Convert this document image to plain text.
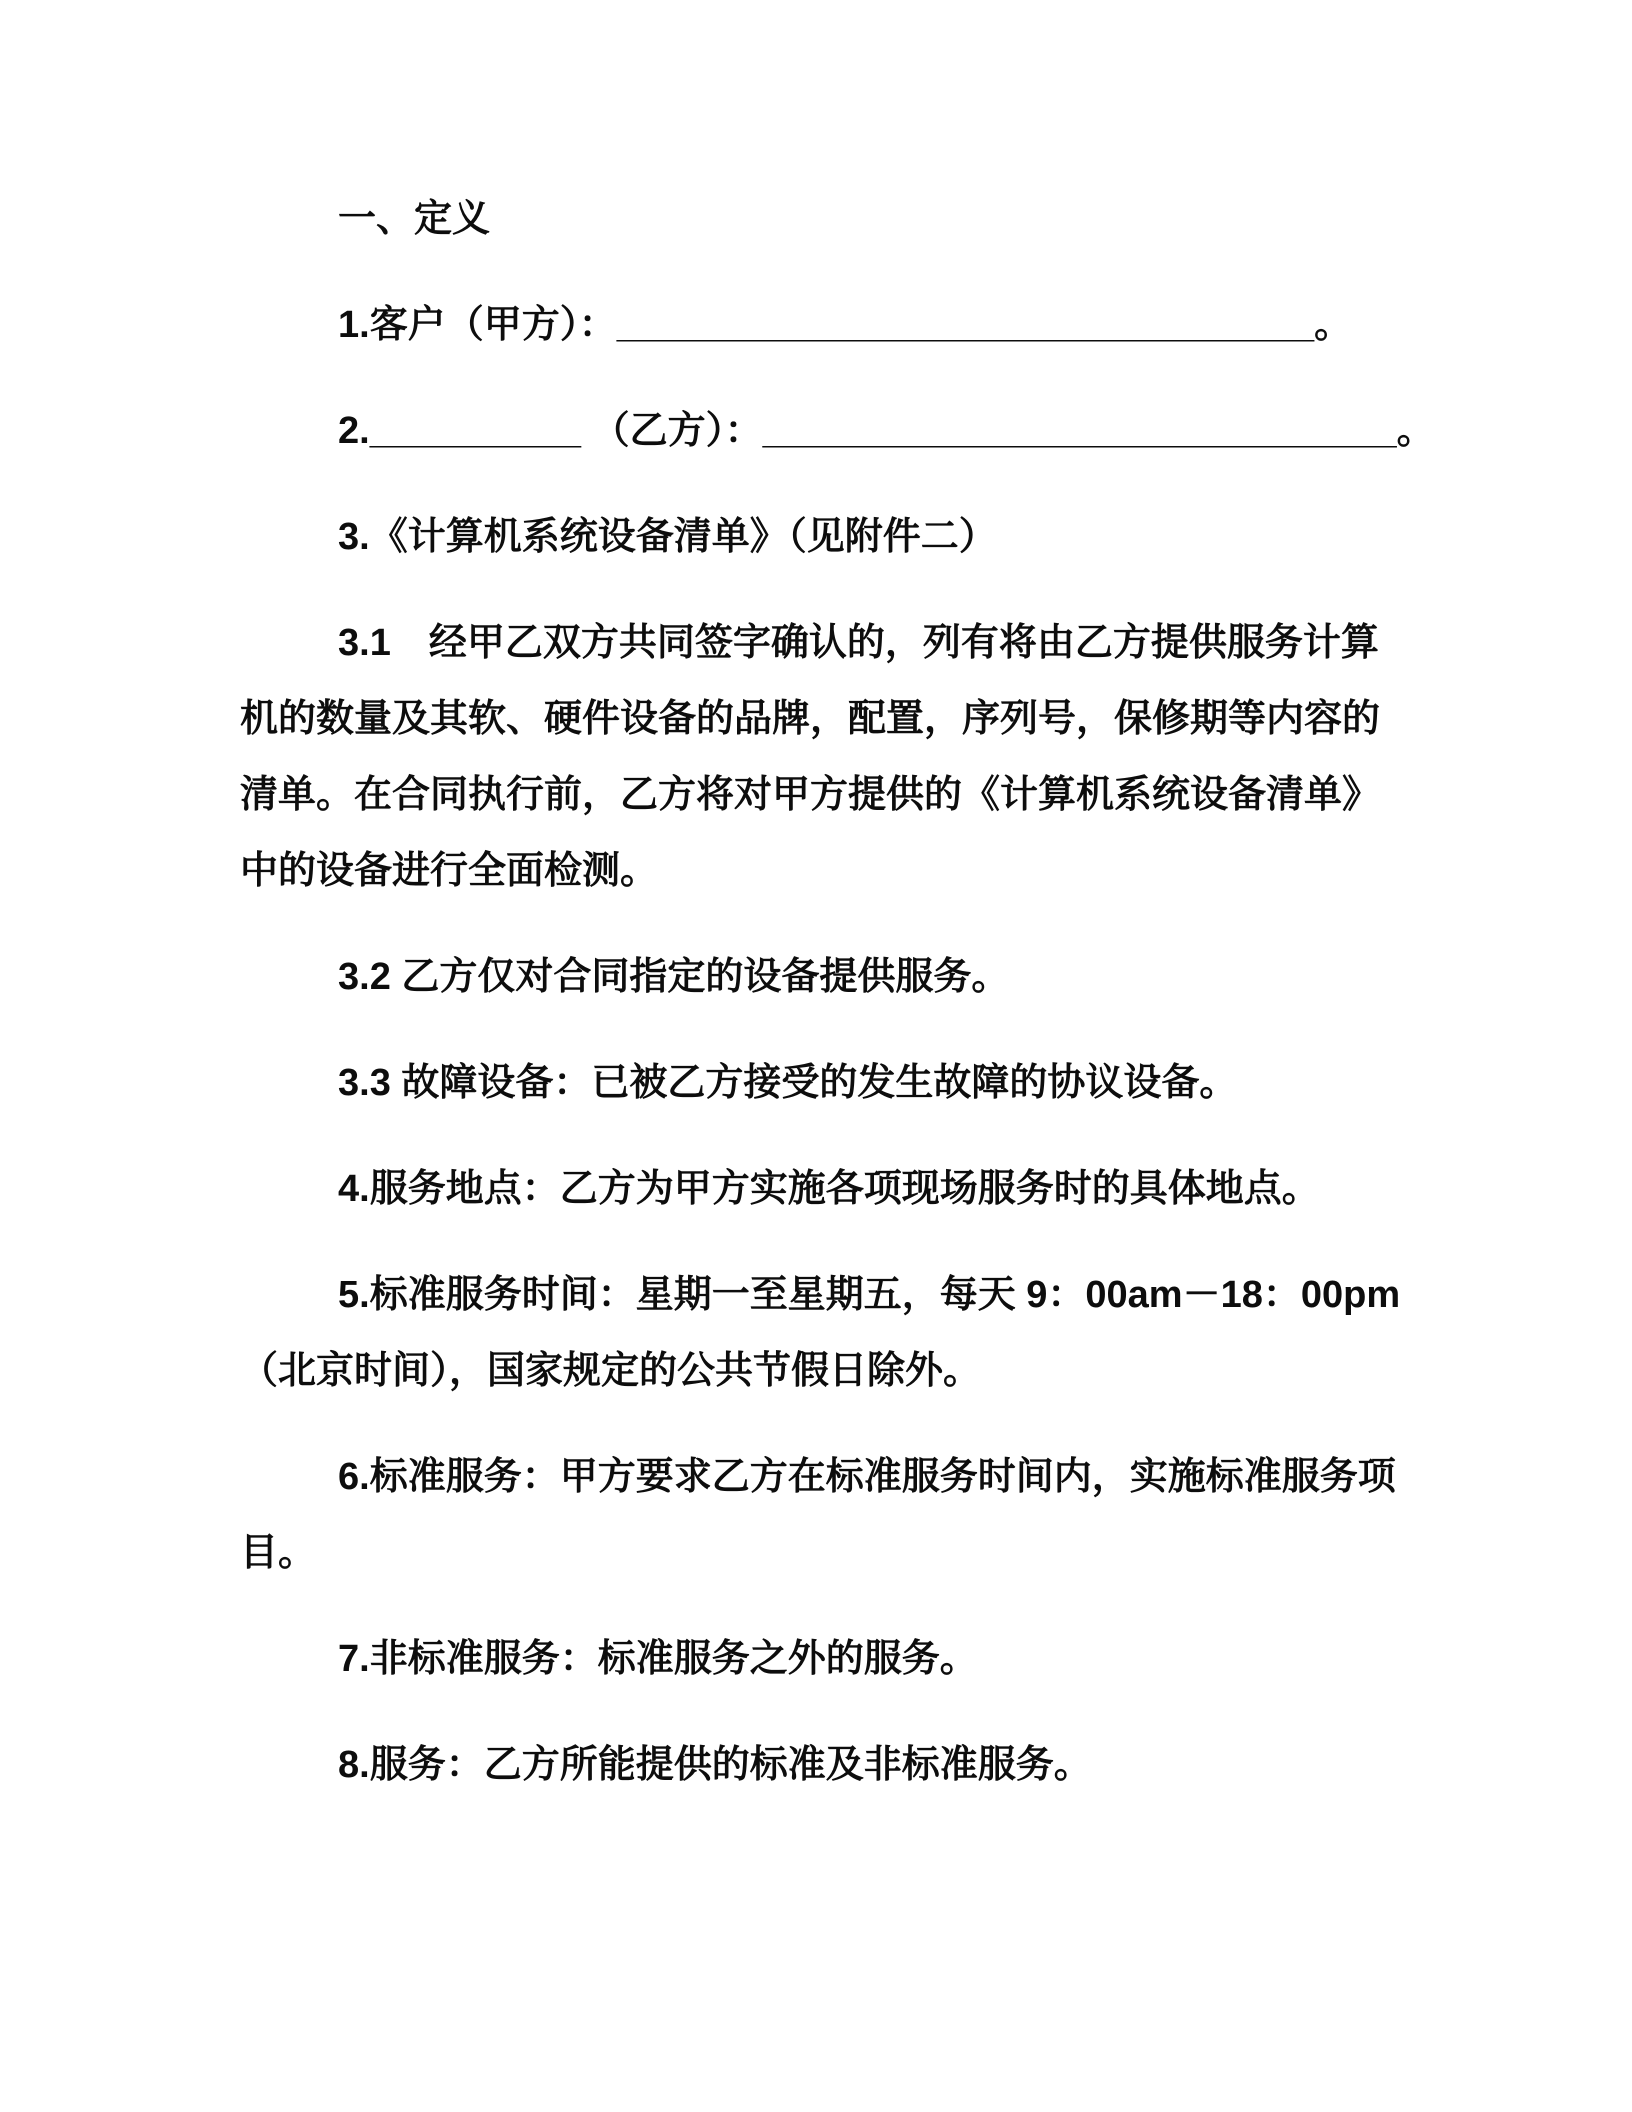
一、定义
1.客户（甲方）：_________________________________。
2.__________ （乙方）：______________________________。
3.《计算机系统设备清单》（见附件二）
3.1　经甲乙双方共同签字确认的，列有将由乙方提供服务计算
机的数量及其软、硬件设备的品牌，配置，序列号，保修期等内容的
清单。在合同执行前，乙方将对甲方提供的《计算机系统设备清单》
中的设备进行全面检测。
3.2 乙方仅对合同指定的设备提供服务。
3.3 故障设备：已被乙方接受的发生故障的协议设备。
4.服务地点：乙方为甲方实施各项现场服务时的具体地点。
5.标准服务时间：星期一至星期五，每天 9：00am－18：00pm
（北京时间），国家规定的公共节假日除外。
6.标准服务：甲方要求乙方在标准服务时间内，实施标准服务项
目。
7.非标准服务：标准服务之外的服务。
8.服务：乙方所能提供的标准及非标准服务。
